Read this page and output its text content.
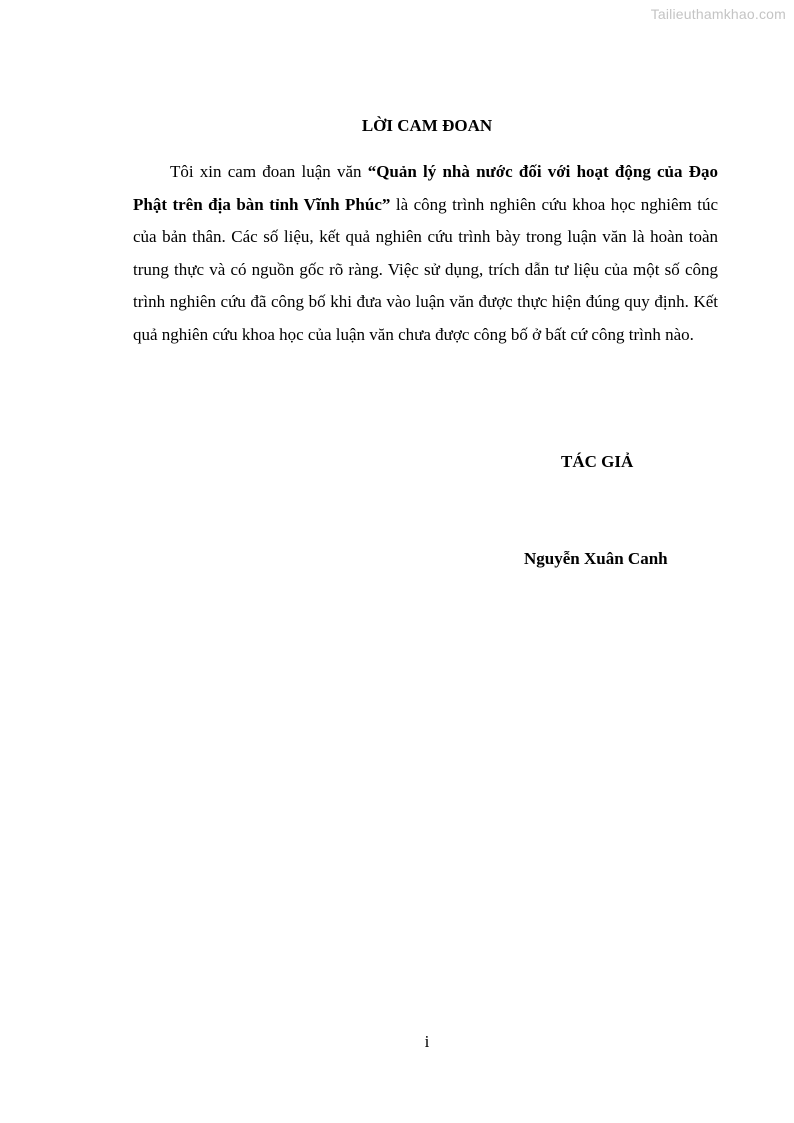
Tailieuthamkhao.com
LỜI CAM ĐOAN

Tôi xin cam đoan luận văn “Quản lý nhà nước đối với hoạt động của Đạo Phật trên địa bàn tỉnh Vĩnh Phúc” là công trình nghiên cứu khoa học nghiêm túc của bản thân. Các số liệu, kết quả nghiên cứu trình bày trong luận văn là hoàn toàn trung thực và có nguồn gốc rõ ràng. Việc sử dụng, trích dẫn tư liệu của một số công trình nghiên cứu đã công bố khi đưa vào luận văn được thực hiện đúng quy định. Kết quả nghiên cứu khoa học của luận văn chưa được công bố ở bất cứ công trình nào.

TÁC GIẢ
Nguyễn Xuân Canh
i
